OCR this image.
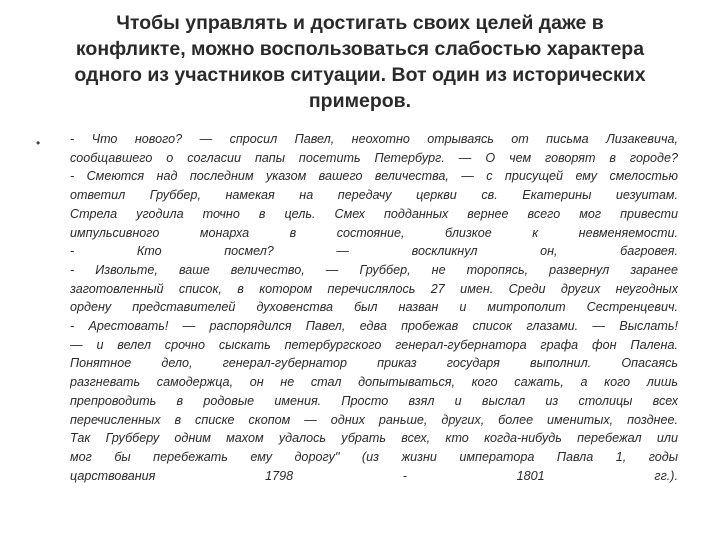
Чтобы управлять и достигать своих целей даже в
конфликте, можно воспользоваться слабостью характера
одного из участников ситуации. Вот один из исторических
примеров.
• - Что нового? — спросил Павел, неохотно отрываясь от письма Лизакевича,
сообщавшего о согласии папы посетить Петербург. — О чем говорят в городе?
- Смеются над последним указом вашего величества, — с присущей ему смелостью
ответил Груббер, намекая на передачу церкви св. Екатерины иезуитам.
Стрела угодила точно в цель. Смех подданных вернее всего мог привести
импульсивного монарха в состояние, близкое к невменяемости.
- Кто посмел? — воскликнул он, багровея.
- Извольте, ваше величество, — Груббер, не торопясь, развернул заранее
заготовленный список, в котором перечислялось 27 имен. Среди других неугодных
ордену представителей духовенства был назван и митрополит Сестренцевич.
- Арестовать! — распорядился Павел, едва пробежав список глазами. — Выслать!
— и велел срочно сыскать петербургского генерал-губернатора графа фон Палена.
Понятное дело, генерал-губернатор приказ государя выполнил. Опасаясь
разгневать самодержца, он не стал допытываться, кого сажать, а кого лишь
препроводить в родовые имения. Просто взял и выслал из столицы всех
перечисленных в списке скопом — одних раньше, других, более именитых, позднее.
Так Грубберу одним махом удалось убрать всех, кто когда-нибудь перебежал или
мог бы перебежать ему дорогу" (из жизни императора Павла 1, годы
царствования 1798 - 1801 гг.).
